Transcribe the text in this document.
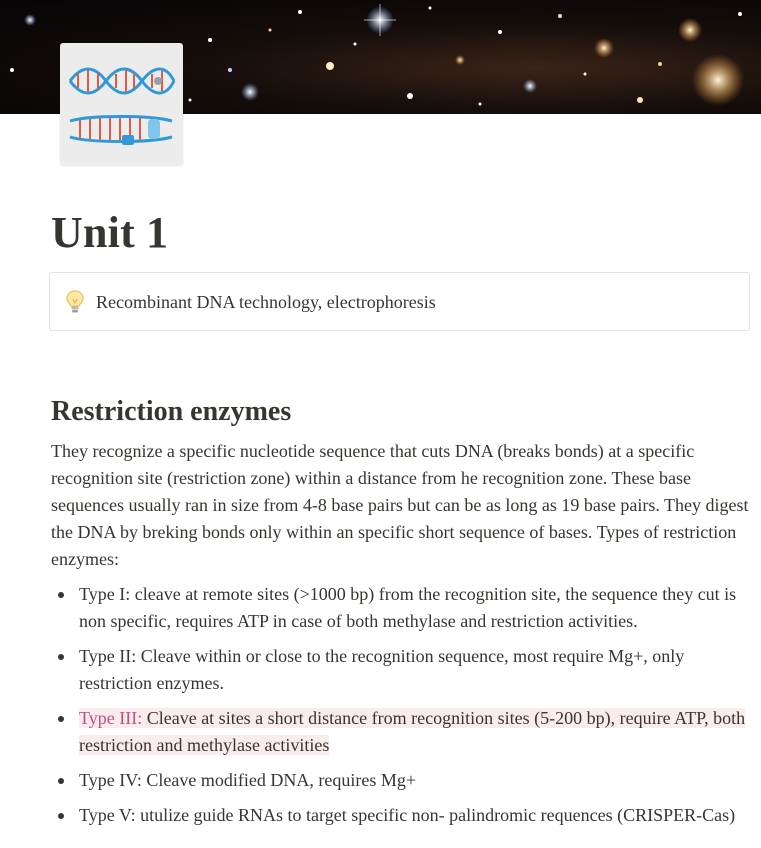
Unit 1
Recombinant DNA technology, electrophoresis
Restriction enzymes

They recognize a specific nucleotide sequence that cuts DNA (breaks bonds) at a specific recognition site (restriction zone) within a distance from he recognition zone. These base sequences usually ran in size from 4-8 base pairs but can be as long as 19 base pairs. They digest the DNA by breking bonds only within an specific short sequence of bases. Types of restriction enzymes:

Type I: cleave at remote sites (>1000 bp) from the recognition site, the sequence they cut is non specific, requires ATP in case of both methylase and restriction activities.
Type II: Cleave within or close to the recognition sequence, most require Mg+, only restriction enzymes.
Type III: Cleave at sites a short distance from recognition sites (5-200 bp), require ATP, both restriction and methylase activities
Type IV: Cleave modified DNA, requires Mg+
Type V: utulize guide RNAs to target specific non- palindromic requences (CRISPER-Cas)
